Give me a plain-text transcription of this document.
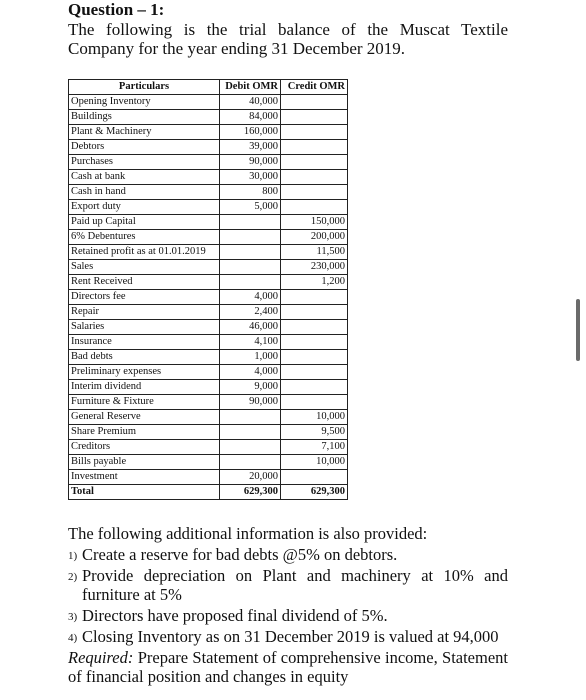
Question – 1:
The following is the trial balance of the Muscat Textile Company for the year ending 31 December 2019.
Particulars	Debit OMR	Credit OMR
Opening Inventory	40,000	
Buildings	84,000	
Plant & Machinery	160,000	
Debtors	39,000	
Purchases	90,000	
Cash at bank	30,000	
Cash in hand	800	
Export duty	5,000	
Paid up Capital		150,000
6% Debentures		200,000
Retained profit as at 01.01.2019		11,500
Sales		230,000
Rent Received		1,200
Directors fee	4,000	
Repair	2,400	
Salaries	46,000	
Insurance	4,100	
Bad debts	1,000	
Preliminary expenses	4,000	
Interim dividend	9,000	
Furniture & Fixture	90,000	
General Reserve		10,000
Share Premium		9,500
Creditors		7,100
Bills payable		10,000
Investment	20,000	
Total	629,300	629,300

The following additional information is also provided:

1) Create a reserve for bad debts @5% on debtors.
2) Provide depreciation on Plant and machinery at 10% and furniture at 5%
3) Directors have proposed final dividend of 5%.
4) Closing Inventory as on 31 December 2019 is valued at 94,000

Required: Prepare Statement of comprehensive income, Statement of financial position and changes in equity
